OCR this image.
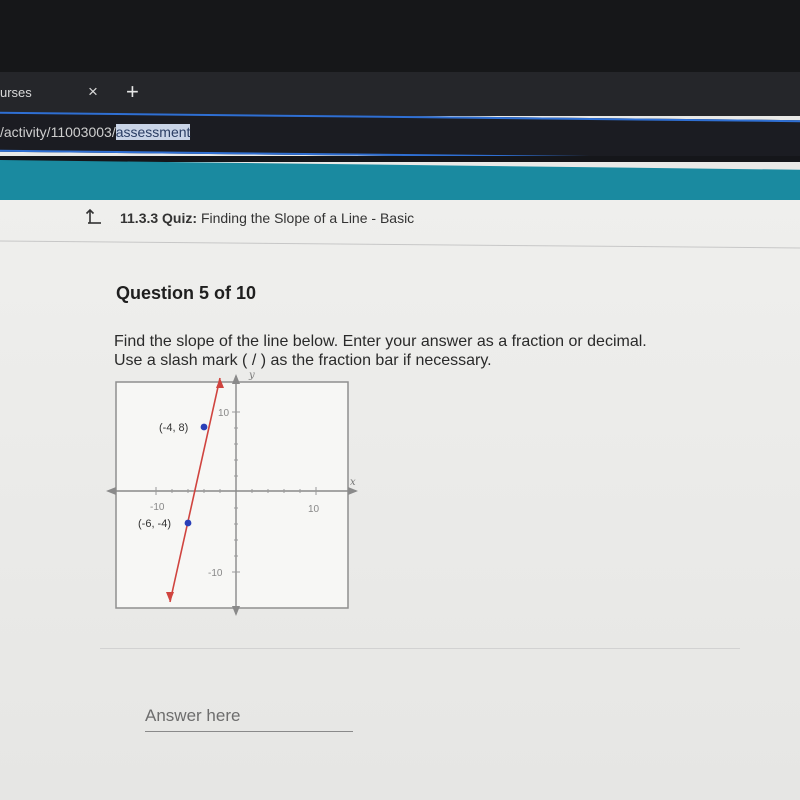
urses	× +
/activity/11003003/assessment
11.3.3 Quiz: Finding the Slope of a Line - Basic
Question 5 of 10
Find the slope of the line below. Enter your answer as a fraction or decimal.
Use a slash mark ( / ) as the fraction bar if necessary.
y
x
10
-10
10
-10
(-4, 8)
(-6, -4)
Answer here
